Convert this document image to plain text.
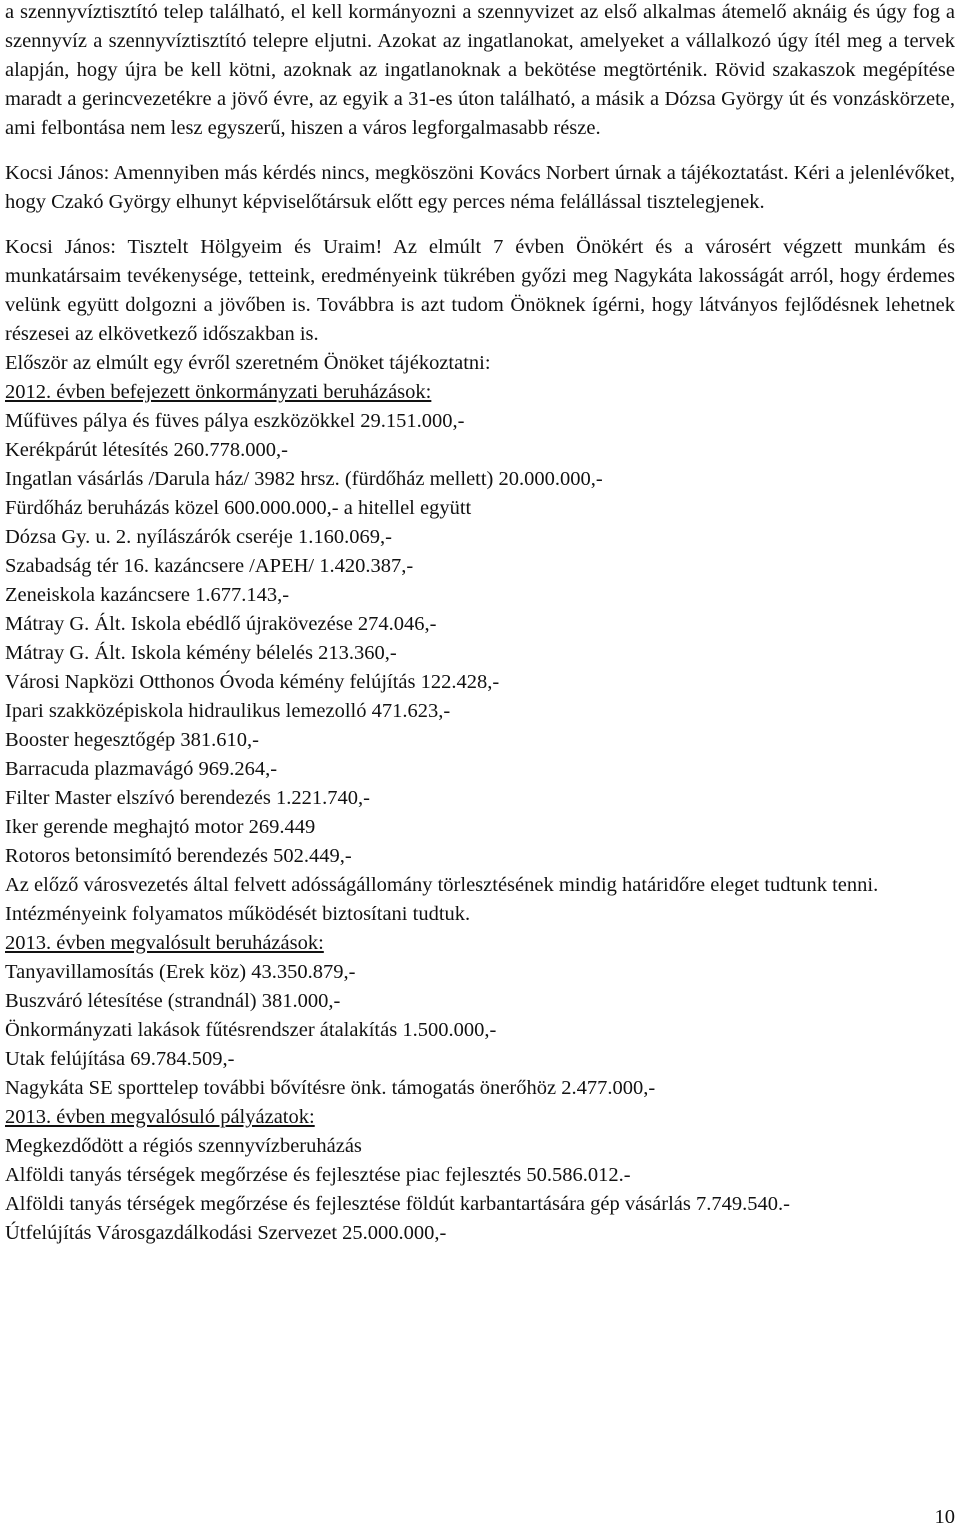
a szennyvíztisztító telep található, el kell kormányozni a szennyvizet az első alkalmas átemelő aknáig és úgy fog a szennyvíz a szennyvíztisztító telepre eljutni. Azokat az ingatlanokat, amelyeket a vállalkozó úgy ítél meg a tervek alapján, hogy újra be kell kötni, azoknak az ingatlanoknak a bekötése megtörténik. Rövid szakaszok megépítése maradt a gerincvezetékre a jövő évre, az egyik a 31-es úton található, a másik a Dózsa György út és vonzáskörzete, ami felbontása nem lesz egyszerű, hiszen a város legforgalmasabb része.

Kocsi János: Amennyiben más kérdés nincs, megköszöni Kovács Norbert úrnak a tájékoztatást. Kéri a jelenlévőket, hogy Czakó György elhunyt képviselőtársuk előtt egy perces néma felállással tisztelegjenek.

Kocsi János: Tisztelt Hölgyeim és Uraim! Az elmúlt 7 évben Önökért és a városért végzett munkám és munkatársaim tevékenysége, tetteink, eredményeink tükrében győzi meg Nagykáta lakosságát arról, hogy érdemes velünk együtt dolgozni a jövőben is. Továbbra is azt tudom Önöknek ígérni, hogy látványos fejlődésnek lehetnek részesei az elkövetkező időszakban is.

Először az elmúlt egy évről szeretném Önöket tájékoztatni:

2012. évben befejezett önkormányzati beruházások:

Műfüves pálya és füves pálya eszközökkel 29.151.000,-

Kerékpárút létesítés 260.778.000,-

Ingatlan vásárlás /Darula ház/ 3982 hrsz. (fürdőház mellett) 20.000.000,-

Fürdőház beruházás közel 600.000.000,- a hitellel együtt

Dózsa Gy. u. 2. nyílászárók cseréje 1.160.069,-

Szabadság tér 16. kazáncsere /APEH/ 1.420.387,-

Zeneiskola kazáncsere 1.677.143,-

Mátray G. Ált. Iskola ebédlő újrakövezése 274.046,-

Mátray G. Ált. Iskola kémény bélelés 213.360,-

Városi Napközi Otthonos Óvoda kémény felújítás 122.428,-

Ipari szakközépiskola hidraulikus lemezolló 471.623,-

Booster hegesztőgép 381.610,-

Barracuda plazmavágó 969.264,-

Filter Master elszívó berendezés 1.221.740,-

Iker gerende meghajtó motor 269.449

Rotoros betonsimító berendezés 502.449,-

Az előző városvezetés által felvett adósságállomány törlesztésének mindig határidőre eleget tudtunk tenni.

Intézményeink folyamatos működését biztosítani tudtuk.

2013. évben megvalósult beruházások:

Tanyavillamosítás (Erek köz) 43.350.879,-

Buszváró létesítése (strandnál) 381.000,-

Önkormányzati lakások fűtésrendszer átalakítás 1.500.000,-

Utak felújítása 69.784.509,-

Nagykáta SE sporttelep további bővítésre önk. támogatás önerőhöz 2.477.000,-

2013. évben megvalósuló pályázatok:

Megkezdődött a régiós szennyvízberuházás

Alföldi tanyás térségek megőrzése és fejlesztése piac fejlesztés 50.586.012.-

Alföldi tanyás térségek megőrzése és fejlesztése földút karbantartására gép vásárlás 7.749.540.-

Útfelújítás Városgazdálkodási Szervezet 25.000.000,-

10
